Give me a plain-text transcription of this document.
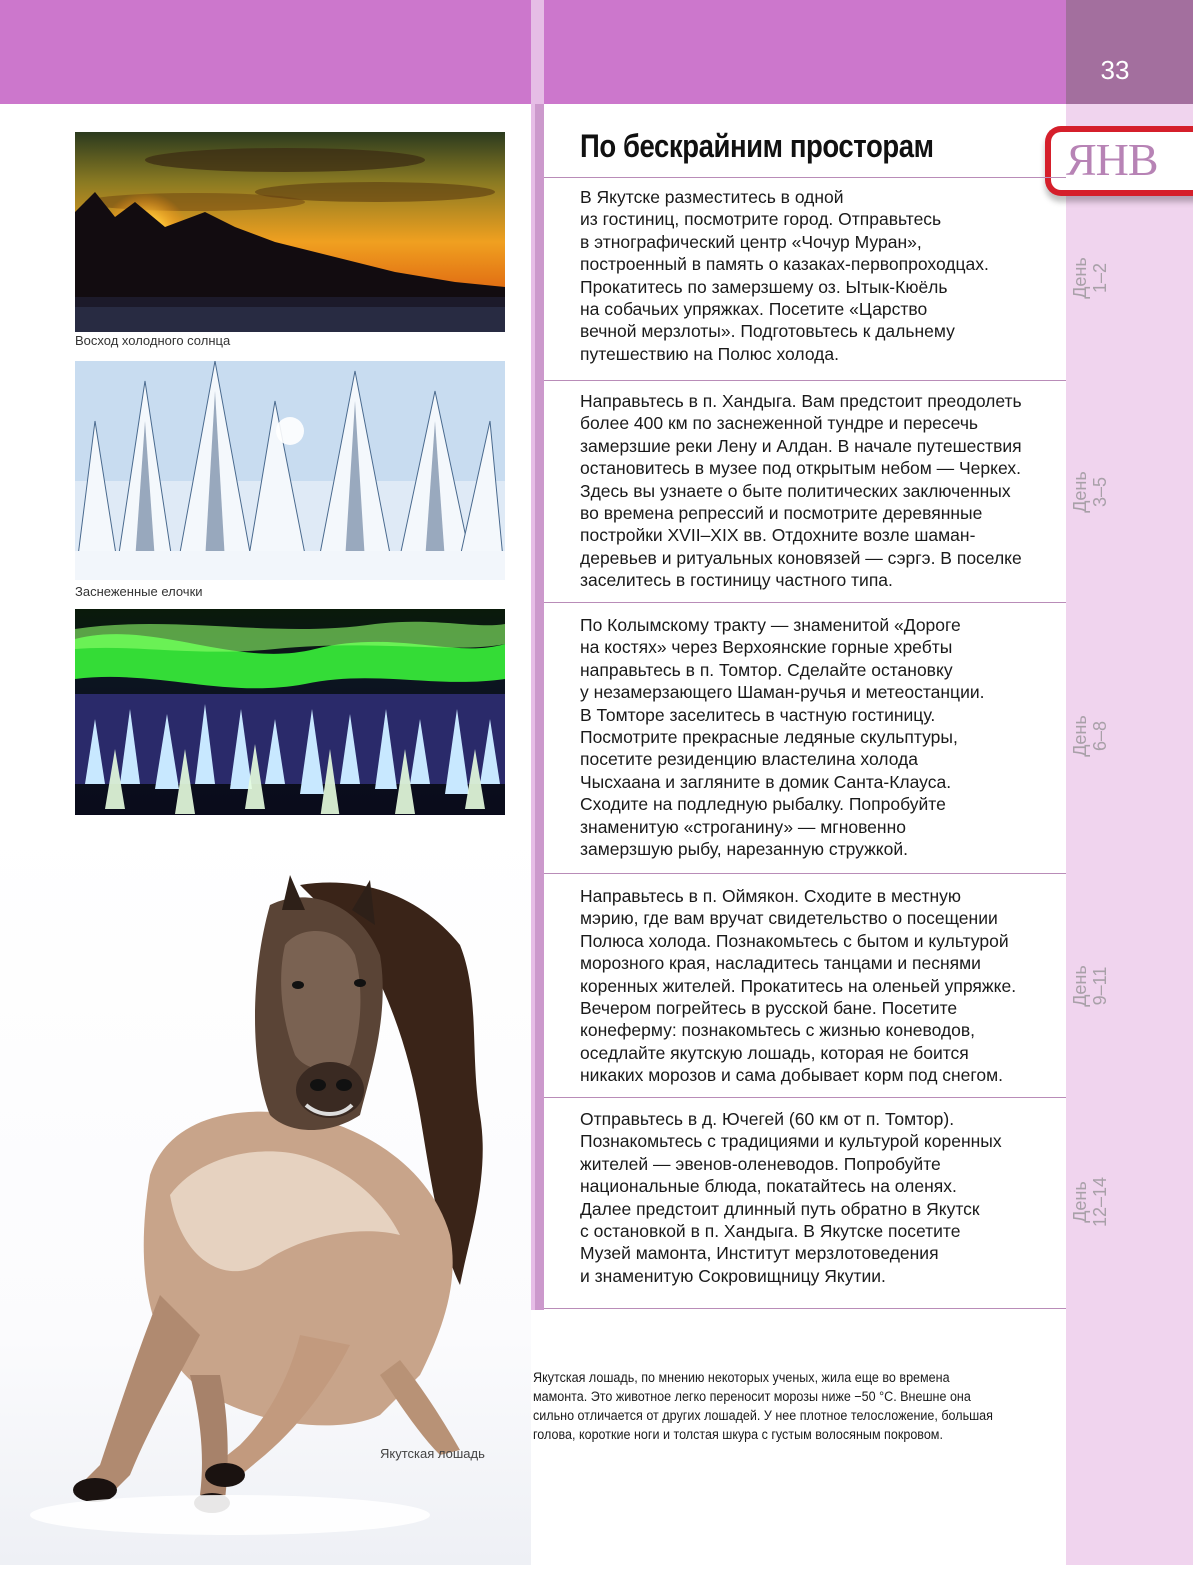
33
ЯНВ
По бескрайним просторам
В Якутске разместитесь в одной
из гостиниц, посмотрите город. Отправьтесь
в этнографический центр «Чочур Муран»,
построенный в память о казаках-первопроходцах.
Прокатитесь по замерзшему оз. Ытык-Кюёль
на собачьих упряжках. Посетите «Царство
вечной мерзлоты». Подготовьтесь к дальнему
путешествию на Полюс холода.
День 1–2
Направьтесь в п. Хандыга. Вам предстоит преодолеть
более 400 км по заснеженной тундре и пересечь
замерзшие реки Лену и Алдан. В начале путешествия
остановитесь в музее под открытым небом — Черкех.
Здесь вы узнаете о быте политических заключенных
во времена репрессий и посмотрите деревянные
постройки XVII–XIX вв. Отдохните возле шаман-
деревьев и ритуальных коновязей — сэргэ. В поселке
заселитесь в гостиницу частного типа.
День 3–5
По Колымскому тракту — знаменитой «Дороге
на костях» через Верхоянские горные хребты
направьтесь в п. Томтор. Сделайте остановку
у незамерзающего Шаман-ручья и метеостанции.
В Томторе заселитесь в частную гостиницу.
Посмотрите прекрасные ледяные скульптуры,
посетите резиденцию властелина холода
Чысхаана и загляните в домик Санта-Клауса.
Сходите на подледную рыбалку. Попробуйте
знаменитую «строганину» — мгновенно
замерзшую рыбу, нарезанную стружкой.
День 6–8
Направьтесь в п. Оймякон. Сходите в местную
мэрию, где вам вручат свидетельство о посещении
Полюса холода. Познакомьтесь с бытом и культурой
морозного края, насладитесь танцами и песнями
коренных жителей. Прокатитесь на оленьей упряжке.
Вечером погрейтесь в русской бане. Посетите
конеферму: познакомьтесь с жизнью коневодов,
оседлайте якутскую лошадь, которая не боится
никаких морозов и сама добывает корм под снегом.
День 9–11
Отправьтесь в д. Ючегей (60 км от п. Томтор).
Познакомьтесь с традициями и культурой коренных
жителей — эвенов-оленеводов. Попробуйте
национальные блюда, покатайтесь на оленях.
Далее предстоит длинный путь обратно в Якутск
с остановкой в п. Хандыга. В Якутске посетите
Музей мамонта, Институт мерзлотоведения
и знаменитую Сокровищницу Якутии.
День 12–14
Восход холодного солнца
Заснеженные елочки
Якутская лошадь
Якутская лошадь, по мнению некоторых ученых, жила еще во времена мамонта. Это животное легко переносит морозы ниже −50 °С. Внешне она сильно отличается от других лошадей. У нее плотное телосложение, большая голова, короткие ноги и толстая шкура с густым волосяным покровом.
